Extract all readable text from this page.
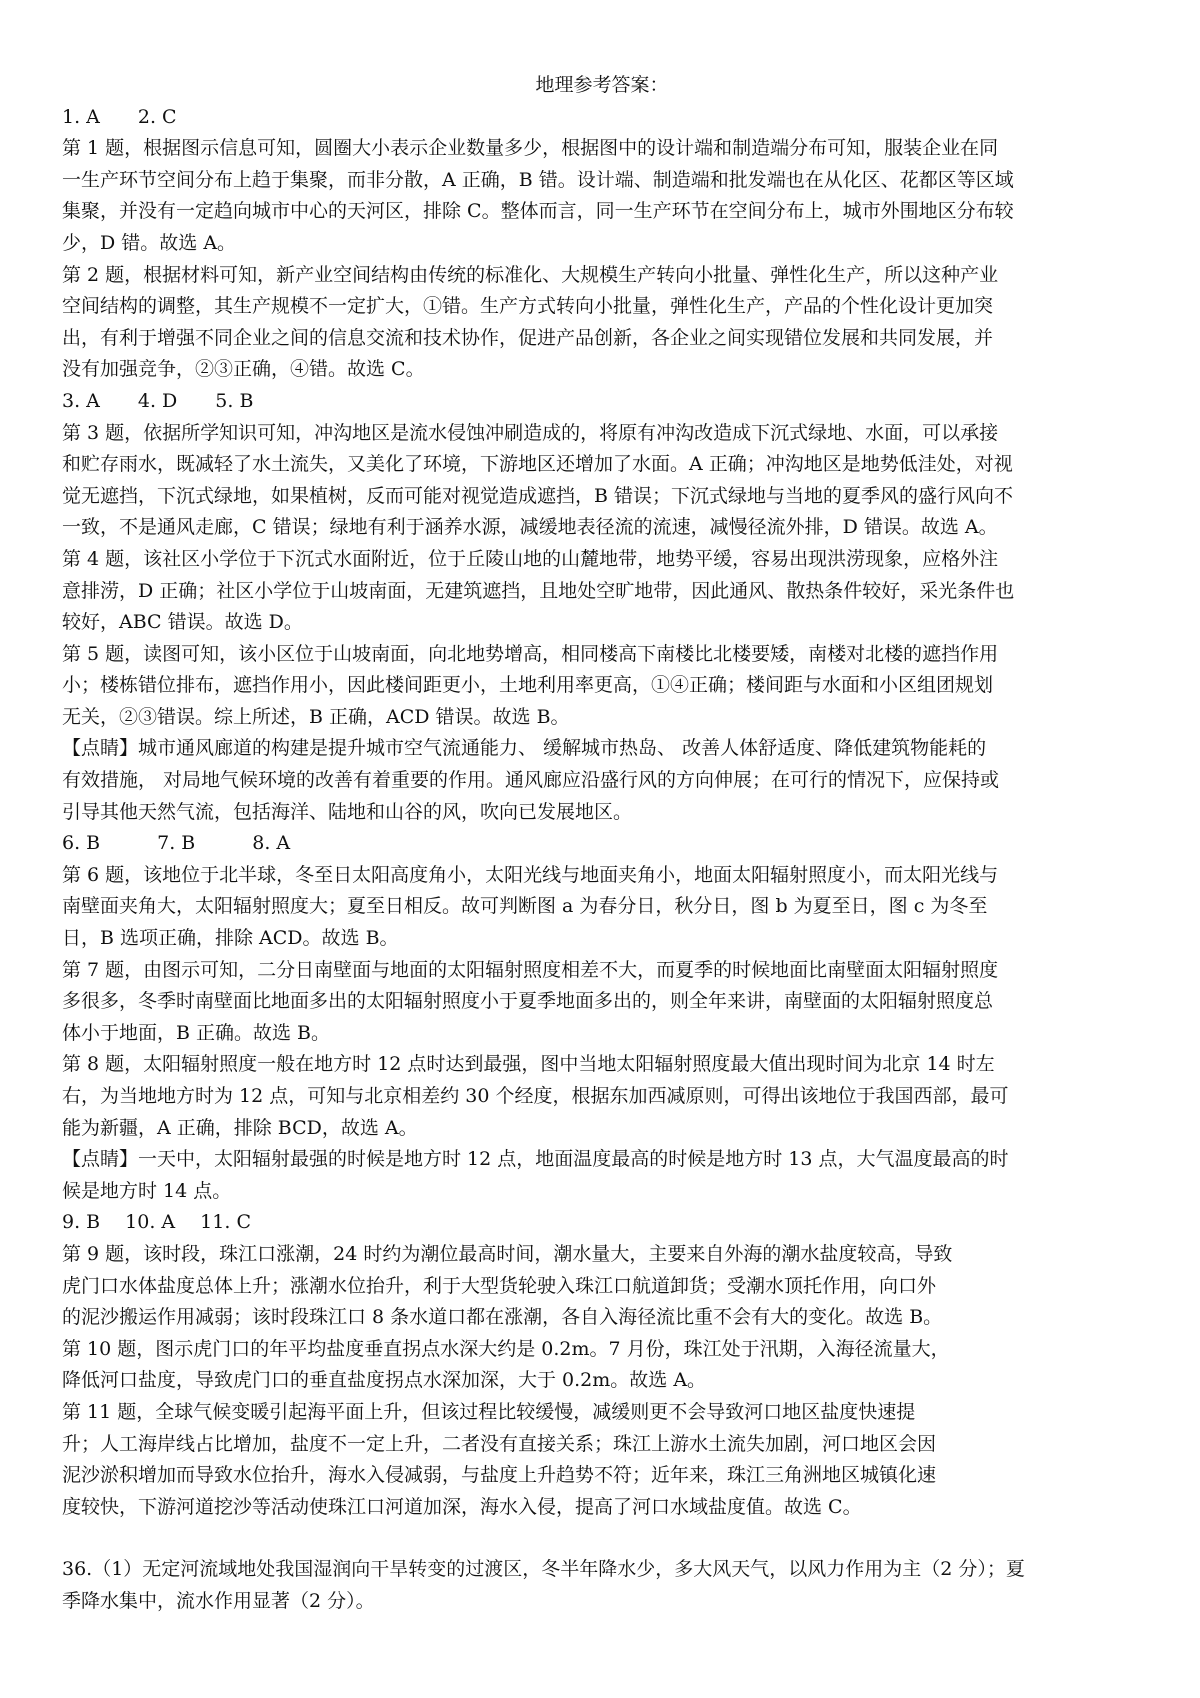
地理参考答案：

1. A　　2. C

第 1 题，根据图示信息可知，圆圈大小表示企业数量多少，根据图中的设计端和制造端分布可知，服装企业在同

一生产环节空间分布上趋于集聚，而非分散，A 正确，B 错。设计端、制造端和批发端也在从化区、花都区等区域

集聚，并没有一定趋向城市中心的天河区，排除 C。整体而言，同一生产环节在空间分布上，城市外围地区分布较

少，D 错。故选 A。

第 2 题，根据材料可知，新产业空间结构由传统的标准化、大规模生产转向小批量、弹性化生产，所以这种产业

空间结构的调整，其生产规模不一定扩大，①错。生产方式转向小批量，弹性化生产，产品的个性化设计更加突

出，有利于增强不同企业之间的信息交流和技术协作，促进产品创新，各企业之间实现错位发展和共同发展，并

没有加强竞争，②③正确，④错。故选 C。

3. A　　4. D　　5. B

第 3 题，依据所学知识可知，冲沟地区是流水侵蚀冲刷造成的，将原有冲沟改造成下沉式绿地、水面，可以承接

和贮存雨水，既减轻了水土流失，又美化了环境，下游地区还增加了水面。A 正确；冲沟地区是地势低洼处，对视

觉无遮挡，下沉式绿地，如果植树，反而可能对视觉造成遮挡，B 错误；下沉式绿地与当地的夏季风的盛行风向不

一致，不是通风走廊，C 错误；绿地有利于涵养水源，减缓地表径流的流速，减慢径流外排，D 错误。故选 A。

第 4 题，该社区小学位于下沉式水面附近，位于丘陵山地的山麓地带，地势平缓，容易出现洪涝现象，应格外注

意排涝，D 正确；社区小学位于山坡南面，无建筑遮挡，且地处空旷地带，因此通风、散热条件较好，采光条件也

较好，ABC 错误。故选 D。

第 5 题，读图可知，该小区位于山坡南面，向北地势增高，相同楼高下南楼比北楼要矮，南楼对北楼的遮挡作用

小；楼栋错位排布，遮挡作用小，因此楼间距更小，土地利用率更高，①④正确；楼间距与水面和小区组团规划

无关，②③错误。综上所述，B 正确，ACD 错误。故选 B。

【点睛】城市通风廊道的构建是提升城市空气流通能力、 缓解城市热岛、 改善人体舒适度、降低建筑物能耗的

有效措施， 对局地气候环境的改善有着重要的作用。通风廊应沿盛行风的方向伸展；在可行的情况下，应保持或

引导其他天然气流，包括海洋、陆地和山谷的风，吹向已发展地区。

6. B　　　7. B　　　8. A

第 6 题，该地位于北半球，冬至日太阳高度角小，太阳光线与地面夹角小，地面太阳辐射照度小，而太阳光线与

南壁面夹角大，太阳辐射照度大；夏至日相反。故可判断图 a 为春分日，秋分日，图 b 为夏至日，图 c 为冬至

日，B 选项正确，排除 ACD。故选 B。

第 7 题，由图示可知，二分日南壁面与地面的太阳辐射照度相差不大，而夏季的时候地面比南壁面太阳辐射照度

多很多，冬季时南壁面比地面多出的太阳辐射照度小于夏季地面多出的，则全年来讲，南壁面的太阳辐射照度总

体小于地面，B 正确。故选 B。

第 8 题，太阳辐射照度一般在地方时 12 点时达到最强，图中当地太阳辐射照度最大值出现时间为北京 14 时左

右，为当地地方时为 12 点，可知与北京相差约 30 个经度，根据东加西减原则，可得出该地位于我国西部，最可

能为新疆，A 正确，排除 BCD，故选 A。

【点睛】一天中，太阳辐射最强的时候是地方时 12 点，地面温度最高的时候是地方时 13 点，大气温度最高的时

候是地方时 14 点。

9. B　 10. A　 11. C

第 9 题，该时段，珠江口涨潮，24 时约为潮位最高时间，潮水量大，主要来自外海的潮水盐度较高，导致

虎门口水体盐度总体上升；涨潮水位抬升，利于大型货轮驶入珠江口航道卸货；受潮水顶托作用，向口外

的泥沙搬运作用减弱；该时段珠江口 8 条水道口都在涨潮，各自入海径流比重不会有大的变化。故选 B。

第 10 题，图示虎门口的年平均盐度垂直拐点水深大约是 0.2m。7 月份，珠江处于汛期，入海径流量大，

降低河口盐度，导致虎门口的垂直盐度拐点水深加深，大于 0.2m。故选 A。

第 11 题，全球气候变暖引起海平面上升，但该过程比较缓慢，减缓则更不会导致河口地区盐度快速提

升；人工海岸线占比增加，盐度不一定上升，二者没有直接关系；珠江上游水土流失加剧，河口地区会因

泥沙淤积增加而导致水位抬升，海水入侵减弱，与盐度上升趋势不符；近年来，珠江三角洲地区城镇化速

度较快，下游河道挖沙等活动使珠江口河道加深，海水入侵，提高了河口水域盐度值。故选 C。

36.（1）无定河流域地处我国湿润向干旱转变的过渡区，冬半年降水少，多大风天气，以风力作用为主（2 分）；夏

季降水集中，流水作用显著（2 分）。
